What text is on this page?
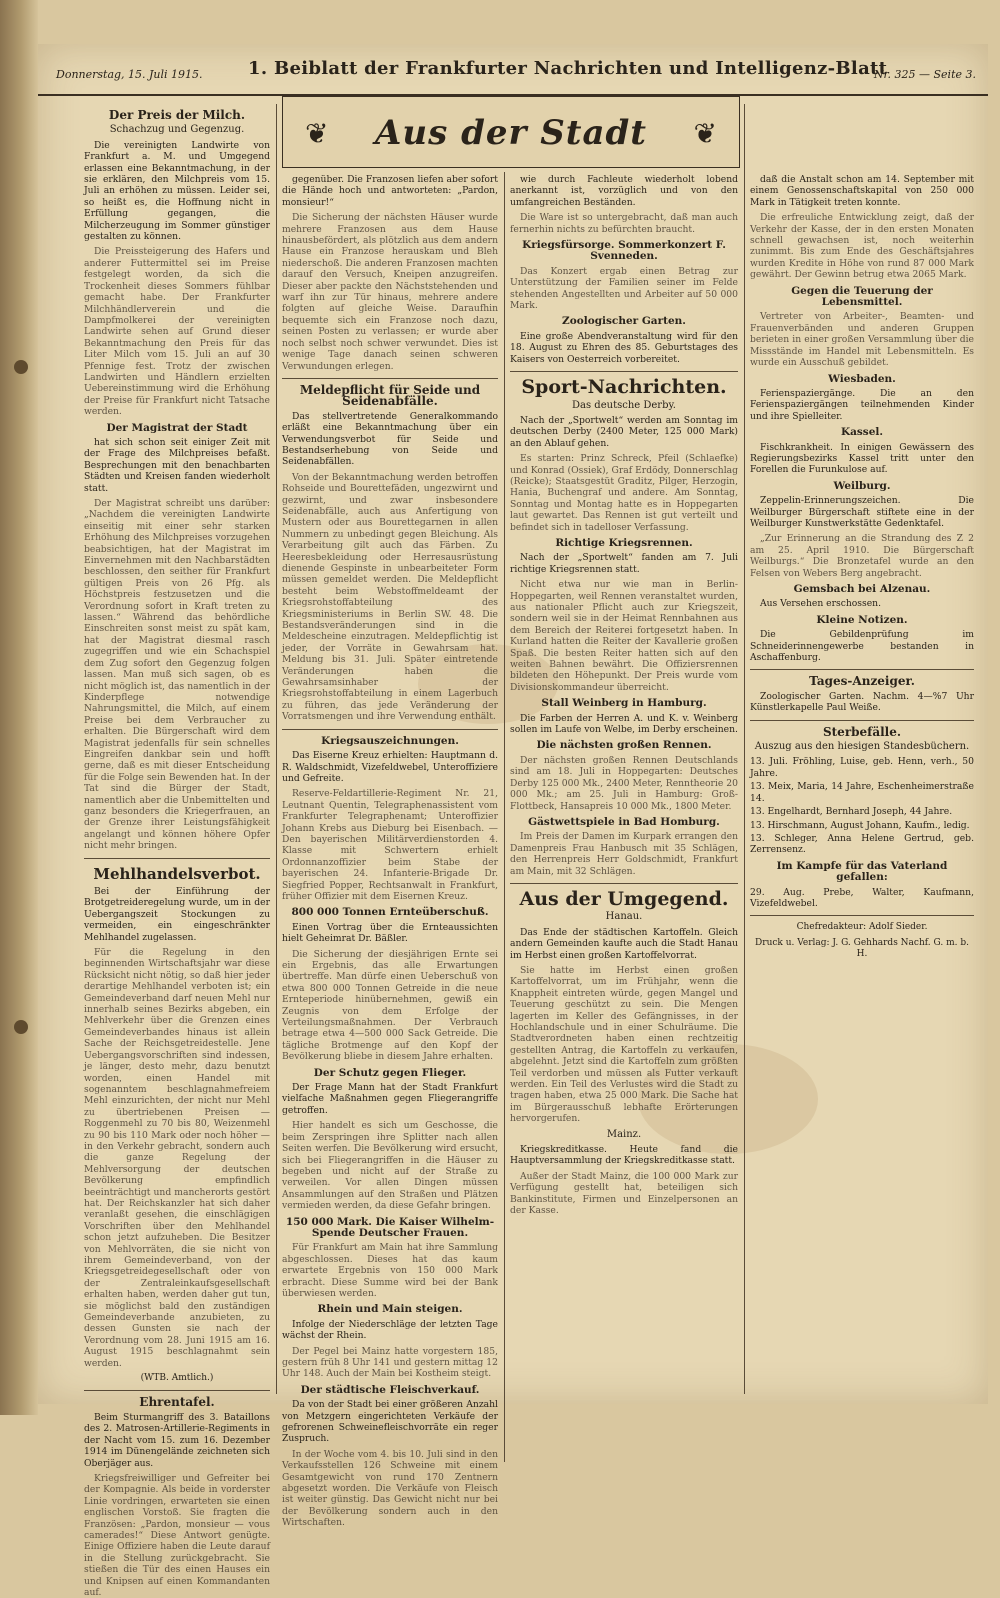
Donnerstag, 15. Juli 1915.	1. Beiblatt der Frankfurter Nachrichten und Intelligenz-Blatt
Nr. 325 — Seite 3.
❦	Aus der Stadt	❦
Der Preis der Milch.
Schachzug und Gegenzug.

Die vereinigten Landwirte von Frankfurt a. M. und Umgegend erlassen eine Bekanntmachung, in der sie erklären, den Milchpreis vom 15. Juli an erhöhen zu müssen. Leider sei, so heißt es, die Hoffnung nicht in Erfüllung gegangen, die Milcherzeugung im Sommer günstiger gestalten zu können.

Die Preissteigerung des Hafers und anderer Futtermittel sei im Preise festgelegt worden, da sich die Trockenheit dieses Sommers fühlbar gemacht habe. Der Frankfurter Milchhändlerverein und die Dampfmolkerei der vereinigten Landwirte sehen auf Grund dieser Bekanntmachung den Preis für das Liter Milch vom 15. Juli an auf 30 Pfennige fest. Trotz der zwischen Landwirten und Händlern erzielten Uebereinstimmung wird die Erhöhung der Preise für Frankfurt nicht Tatsache werden.

Der Magistrat der Stadt

hat sich schon seit einiger Zeit mit der Frage des Milchpreises befaßt. Besprechungen mit den benachbarten Städten und Kreisen fanden wiederholt statt.

Der Magistrat schreibt uns darüber: „Nachdem die vereinigten Landwirte einseitig mit einer sehr starken Erhöhung des Milchpreises vorzugehen beabsichtigen, hat der Magistrat im Einvernehmen mit den Nachbarstädten beschlossen, den seither für Frankfurt gültigen Preis von 26 Pfg. als Höchstpreis festzusetzen und die Verordnung sofort in Kraft treten zu lassen.“ Während das behördliche Einschreiten sonst meist zu spät kam, hat der Magistrat diesmal rasch zugegriffen und wie ein Schachspiel dem Zug sofort den Gegenzug folgen lassen. Man muß sich sagen, ob es nicht möglich ist, das namentlich in der Kinderpflege notwendige Nahrungsmittel, die Milch, auf einem Preise bei dem Verbraucher zu erhalten. Die Bürgerschaft wird dem Magistrat jedenfalls für sein schnelles Eingreifen dankbar sein und hofft gerne, daß es mit dieser Entscheidung für die Folge sein Bewenden hat. In der Tat sind die Bürger der Stadt, namentlich aber die Unbemittelten und ganz besonders die Kriegerfrauen, an der Grenze ihrer Leistungsfähigkeit angelangt und können höhere Opfer nicht mehr bringen.

Mehlhandelsverbot.

Bei der Einführung der Brotgetreideregelung wurde, um in der Uebergangszeit Stockungen zu vermeiden, ein eingeschränkter Mehlhandel zugelassen.

Für die Regelung in den beginnenden Wirtschaftsjahr war diese Rücksicht nicht nötig, so daß hier jeder derartige Mehlhandel verboten ist; ein Gemeindeverband darf neuen Mehl nur innerhalb seines Bezirks abgeben, ein Mehlverkehr über die Grenzen eines Gemeindeverbandes hinaus ist allein Sache der Reichsgetreidestelle. Jene Uebergangsvorschriften sind indessen, je länger, desto mehr, dazu benutzt worden, einen Handel mit sogenanntem beschlagnahmefreiem Mehl einzurichten, der nicht nur Mehl zu übertriebenen Preisen — Roggenmehl zu 70 bis 80, Weizenmehl zu 90 bis 110 Mark oder noch höher — in den Verkehr gebracht, sondern auch die ganze Regelung der Mehlversorgung der deutschen Bevölkerung empfindlich beeinträchtigt und mancherorts gestört hat. Der Reichskanzler hat sich daher veranlaßt gesehen, die einschlägigen Vorschriften über den Mehlhandel schon jetzt aufzuheben. Die Besitzer von Mehlvorräten, die sie nicht von ihrem Gemeindeverband, von der Kriegsgetreidegesellschaft oder von der Zentraleinkaufsgesellschaft erhalten haben, werden daher gut tun, sie möglichst bald den zuständigen Gemeindeverbande anzubieten, zu dessen Gunsten sie nach der Verordnung vom 28. Juni 1915 am 16. August 1915 beschlagnahmt sein werden.

(WTB. Amtlich.)
Ehrentafel.

Beim Sturmangriff des 3. Bataillons des 2. Matrosen-Artillerie-Regiments in der Nacht vom 15. zum 16. Dezember 1914 im Dünengelände zeichneten sich Oberjäger aus.

Kriegsfreiwilliger und Gefreiter bei der Kompagnie. Als beide in vorderster Linie vordringen, erwarteten sie einen englischen Vorstoß. Sie fragten die Französen: „Pardon, monsieur — vous camerades!“ Diese Antwort genügte. Einige Offiziere haben die Leute darauf in die Stellung zurückgebracht. Sie stießen die Tür des einen Hauses ein und Knipsen auf einen Kommandanten auf.

gegenüber. Die Franzosen liefen aber sofort die Hände hoch und antworteten: „Pardon, monsieur!“

Die Sicherung der nächsten Häuser wurde mehrere Franzosen aus dem Hause hinausbefördert, als plötzlich aus dem andern Hause ein Franzose herauskam und Bleh niederschoß. Die anderen Franzosen machten darauf den Versuch, Kneipen anzugreifen. Dieser aber packte den Nächststehenden und warf ihn zur Tür hinaus, mehrere andere folgten auf gleiche Weise. Daraufhin bequemte sich ein Franzose noch dazu, seinen Posten zu verlassen; er wurde aber noch selbst noch schwer verwundet. Dies ist wenige Tage danach seinen schweren Verwundungen erlegen.

Meldepflicht für Seide und Seidenabfälle.

Das stellvertretende Generalkommando erläßt eine Bekanntmachung über ein Verwendungsverbot für Seide und Bestandserhebung von Seide und Seidenabfällen.

Von der Bekanntmachung werden betroffen Rohseide und Bourettefäden, ungezwirnt und gezwirnt, und zwar insbesondere Seidenabfälle, auch aus Anfertigung von Mustern oder aus Bourettegarnen in allen Nummern zu unbedingt gegen Bleichung. Als Verarbeitung gilt auch das Färben. Zu Heeresbekleidung oder Herresausrüstung dienende Gespinste in unbearbeiteter Form müssen gemeldet werden. Die Meldepflicht besteht beim Webstoffmeldeamt der Kriegsrohstoffabteilung des Kriegsministeriums in Berlin SW. 48. Die Bestandsveränderungen sind in die Meldescheine einzutragen. Meldepflichtig ist jeder, der Vorräte in Gewahrsam hat. Meldung bis 31. Juli. Später eintretende Veränderungen haben die Gewahrsamsinhaber der Kriegsrohstoffabteilung in einem Lagerbuch zu führen, das jede Veränderung der Vorratsmengen und ihre Verwendung enthält.

Kriegsauszeichnungen.

Das Eiserne Kreuz erhielten: Hauptmann d. R. Waldschmidt, Vizefeldwebel, Unteroffiziere und Gefreite.

Reserve-Feldartillerie-Regiment Nr. 21, Leutnant Quentin, Telegraphenassistent vom Frankfurter Telegraphenamt; Unteroffizier Johann Krebs aus Dieburg bei Eisenbach. — Den bayerischen Militärverdienstorden 4. Klasse mit Schwertern erhielt Ordonnanzoffizier beim Stabe der bayerischen 24. Infanterie-Brigade Dr. Siegfried Popper, Rechtsanwalt in Frankfurt, früher Offizier mit dem Eisernen Kreuz.

800 000 Tonnen Ernteüberschuß.

Einen Vortrag über die Ernteaussichten hielt Geheimrat Dr. Bäßler.

Die Sicherung der diesjährigen Ernte sei ein Ergebnis, das alle Erwartungen übertreffe. Man dürfe einen Ueberschuß von etwa 800 000 Tonnen Getreide in die neue Ernteperiode hinübernehmen, gewiß ein Zeugnis von dem Erfolge der Verteilungsmaßnahmen. Der Verbrauch betrage etwa 4—500 000 Sack Getreide. Die tägliche Brotmenge auf den Kopf der Bevölkerung bliebe in diesem Jahre erhalten.

Der Schutz gegen Flieger.

Der Frage Mann hat der Stadt Frankfurt vielfache Maßnahmen gegen Fliegerangriffe getroffen.

Hier handelt es sich um Geschosse, die beim Zerspringen ihre Splitter nach allen Seiten werfen. Die Bevölkerung wird ersucht, sich bei Fliegerangriffen in die Häuser zu begeben und nicht auf der Straße zu verweilen. Vor allen Dingen müssen Ansammlungen auf den Straßen und Plätzen vermieden werden, da diese Gefahr bringen.

150 000 Mark. Die Kaiser Wilhelm-Spende Deutscher Frauen.

Für Frankfurt am Main hat ihre Sammlung abgeschlossen. Dieses hat das kaum erwartete Ergebnis von 150 000 Mark erbracht. Diese Summe wird bei der Bank überwiesen werden.

Rhein und Main steigen.

Infolge der Niederschläge der letzten Tage wächst der Rhein.

Der Pegel bei Mainz hatte vorgestern 185, gestern früh 8 Uhr 141 und gestern mittag 12 Uhr 148. Auch der Main bei Kostheim steigt.

Der städtische Fleischverkauf.

Da von der Stadt bei einer größeren Anzahl von Metzgern eingerichteten Verkäufe der gefrorenen Schweinefleischvorräte ein reger Zuspruch.

In der Woche vom 4. bis 10. Juli sind in den Verkaufsstellen 126 Schweine mit einem Gesamtgewicht von rund 170 Zentnern abgesetzt worden. Die Verkäufe von Fleisch ist weiter günstig. Das Gewicht nicht nur bei der Bevölkerung sondern auch in den Wirtschaften.

wie durch Fachleute wiederholt lobend anerkannt ist, vorzüglich und von den umfangreichen Beständen.

Die Ware ist so untergebracht, daß man auch fernerhin nichts zu befürchten braucht.

Kriegsfürsorge. Sommerkonzert F. Svenneden.

Das Konzert ergab einen Betrag zur Unterstützung der Familien seiner im Felde stehenden Angestellten und Arbeiter auf 50 000 Mark.

Zoologischer Garten.

Eine große Abendveranstaltung wird für den 18. August zu Ehren des 85. Geburtstages des Kaisers von Oesterreich vorbereitet.

Sport-Nachrichten.
Das deutsche Derby.

Nach der „Sportwelt“ werden am Sonntag im deutschen Derby (2400 Meter, 125 000 Mark) an den Ablauf gehen.

Es starten: Prinz Schreck, Pfeil (Schlaefke) und Konrad (Ossiek), Graf Erdödy, Donnerschlag (Reicke); Staatsgestüt Graditz, Pilger, Herzogin, Hania, Buchengraf und andere. Am Sonntag, Sonntag und Montag hatte es in Hoppegarten laut gewartet. Das Rennen ist gut verteilt und befindet sich in tadelloser Verfassung.

Richtige Kriegsrennen.

Nach der „Sportwelt“ fanden am 7. Juli richtige Kriegsrennen statt.

Nicht etwa nur wie man in Berlin-Hoppegarten, weil Rennen veranstaltet wurden, aus nationaler Pflicht auch zur Kriegszeit, sondern weil sie in der Heimat Rennbahnen aus dem Bereich der Reiterei fortgesetzt haben. In Kurland hatten die Reiter der Kavallerie großen Spaß. Die besten Reiter hatten sich auf den weiten Bahnen bewährt. Die Offiziersrennen bildeten den Höhepunkt. Der Preis wurde vom Divisionskommandeur überreicht.

Stall Weinberg in Hamburg.

Die Farben der Herren A. und K. v. Weinberg sollen im Laufe von Welbe, im Derby erscheinen.

Die nächsten großen Rennen.

Der nächsten großen Rennen Deutschlands sind am 18. Juli in Hoppegarten: Deutsches Derby 125 000 Mk., 2400 Meter, Renntheorie 20 000 Mk.; am 25. Juli in Hamburg: Groß-Flottbeck, Hansapreis 10 000 Mk., 1800 Meter.

Gästwettspiele in Bad Homburg.

Im Preis der Damen im Kurpark errangen den Damenpreis Frau Hanbusch mit 35 Schlägen, den Herrenpreis Herr Goldschmidt, Frankfurt am Main, mit 32 Schlägen.

Aus der Umgegend.
Hanau.

Das Ende der städtischen Kartoffeln. Gleich andern Gemeinden kaufte auch die Stadt Hanau im Herbst einen großen Kartoffelvorrat.

Sie hatte im Herbst einen großen Kartoffelvorrat, um im Frühjahr, wenn die Knappheit eintreten würde, gegen Mangel und Teuerung geschützt zu sein. Die Mengen lagerten im Keller des Gefängnisses, in der Hochlandschule und in einer Schulräume. Die Stadtverordneten haben einen rechtzeitig gestellten Antrag, die Kartoffeln zu verkaufen, abgelehnt. Jetzt sind die Kartoffeln zum größten Teil verdorben und müssen als Futter verkauft werden. Ein Teil des Verlustes wird die Stadt zu tragen haben, etwa 25 000 Mark. Die Sache hat im Bürgerausschuß lebhafte Erörterungen hervorgerufen.

Mainz.

Kriegskreditkasse. Heute fand die Hauptversammlung der Kriegskreditkasse statt.

Außer der Stadt Mainz, die 100 000 Mark zur Verfügung gestellt hat, beteiligen sich Bankinstitute, Firmen und Einzelpersonen an der Kasse.

daß die Anstalt schon am 14. September mit einem Genossenschaftskapital von 250 000 Mark in Tätigkeit treten konnte.

Die erfreuliche Entwicklung zeigt, daß der Verkehr der Kasse, der in den ersten Monaten schnell gewachsen ist, noch weiterhin zunimmt. Bis zum Ende des Geschäftsjahres wurden Kredite in Höhe von rund 87 000 Mark gewährt. Der Gewinn betrug etwa 2065 Mark.

Gegen die Teuerung der Lebensmittel.

Vertreter von Arbeiter-, Beamten- und Frauenverbänden und anderen Gruppen berieten in einer großen Versammlung über die Missstände im Handel mit Lebensmitteln. Es wurde ein Ausschuß gebildet.

Wiesbaden.

Ferienspaziergänge. Die an den Ferienspaziergängen teilnehmenden Kinder und ihre Spielleiter.

Kassel.

Fischkrankheit. In einigen Gewässern des Regierungsbezirks Kassel tritt unter den Forellen die Furunkulose auf.

Weilburg.

Zeppelin-Erinnerungszeichen. Die Weilburger Bürgerschaft stiftete eine in der Weilburger Kunstwerkstätte Gedenktafel.

„Zur Erinnerung an die Strandung des Z 2 am 25. April 1910. Die Bürgerschaft Weilburgs.“ Die Bronzetafel wurde an den Felsen von Webers Berg angebracht.

Gemsbach bei Alzenau.

Aus Versehen erschossen.

Kleine Notizen.

Die Gebildenprüfung im Schneiderinnengewerbe bestanden in Aschaffenburg.

Tages-Anzeiger.

Zoologischer Garten. Nachm. 4—%7 Uhr Künstlerkapelle Paul Weiße.

Sterbefälle.
Auszug aus den hiesigen Standesbüchern.

13. Juli. Fröhling, Luise, geb. Henn, verh., 50 Jahre.

13. Meix, Maria, 14 Jahre, Eschenheimerstraße 14.

13. Engelhardt, Bernhard Joseph, 44 Jahre.

13. Hirschmann, August Johann, Kaufm., ledig.

13. Schleger, Anna Helene Gertrud, geb. Zerrensenz.

Im Kampfe für das Vaterland gefallen:

29. Aug. Prebe, Walter, Kaufmann, Vizefeldwebel.

Chefredakteur: Adolf Sieder.
Druck u. Verlag: J. G. Gehhards Nachf. G. m. b. H.
